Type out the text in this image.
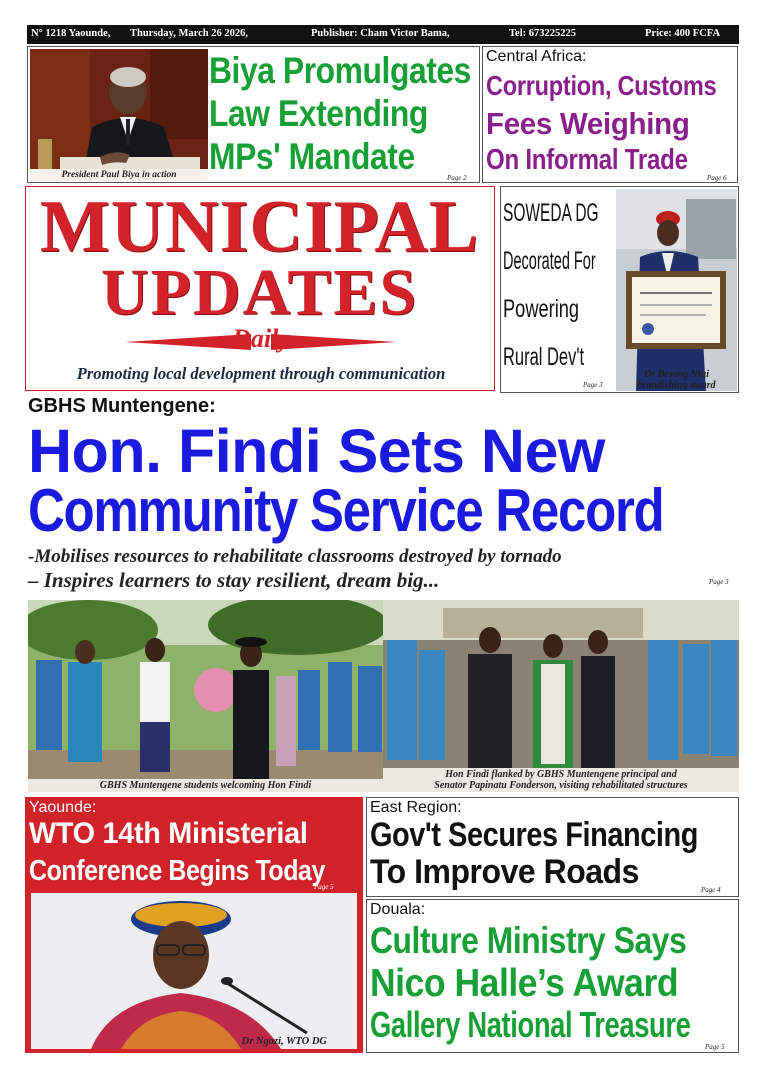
N° 1218 Yaounde, Thursday, March 26 2026,	Publisher: Cham Victor Bama,	Tel: 673225225	Price: 400 FCFA
President Paul Biya in action
Biya Promulgates
Law Extending
MPs' Mandate
Page 2
Central Africa:
Corruption, Customs
Fees Weighing
On Informal Trade
Page 6
MUNICIPAL
UPDATES
Daily
Promoting local development through communication
SOWEDA DG
Decorated For
Powering
Rural Dev't
Page 3
Dr Besong Ntui
brandishing award
GBHS Muntengene:
Hon. Findi Sets New
Community Service Record
-Mobilises resources to rehabilitate classrooms destroyed by tornado
– Inspires learners to stay resilient, dream big...	Page 3
GBHS Muntengene students welcoming Hon Findi
Hon Findi flanked by GBHS Muntengene principal and
Senator Papinatu Fonderson, visiting rehabilitated structures
Yaounde:
WTO 14th Ministerial
Conference Begins Today
Page 5
Dr Ngozi, WTO DG
East Region:
Gov't Secures Financing
To Improve Roads	Page 4
Douala:
Culture Ministry Says
Nico Halle’s Award
Gallery National Treasure
Page 5
